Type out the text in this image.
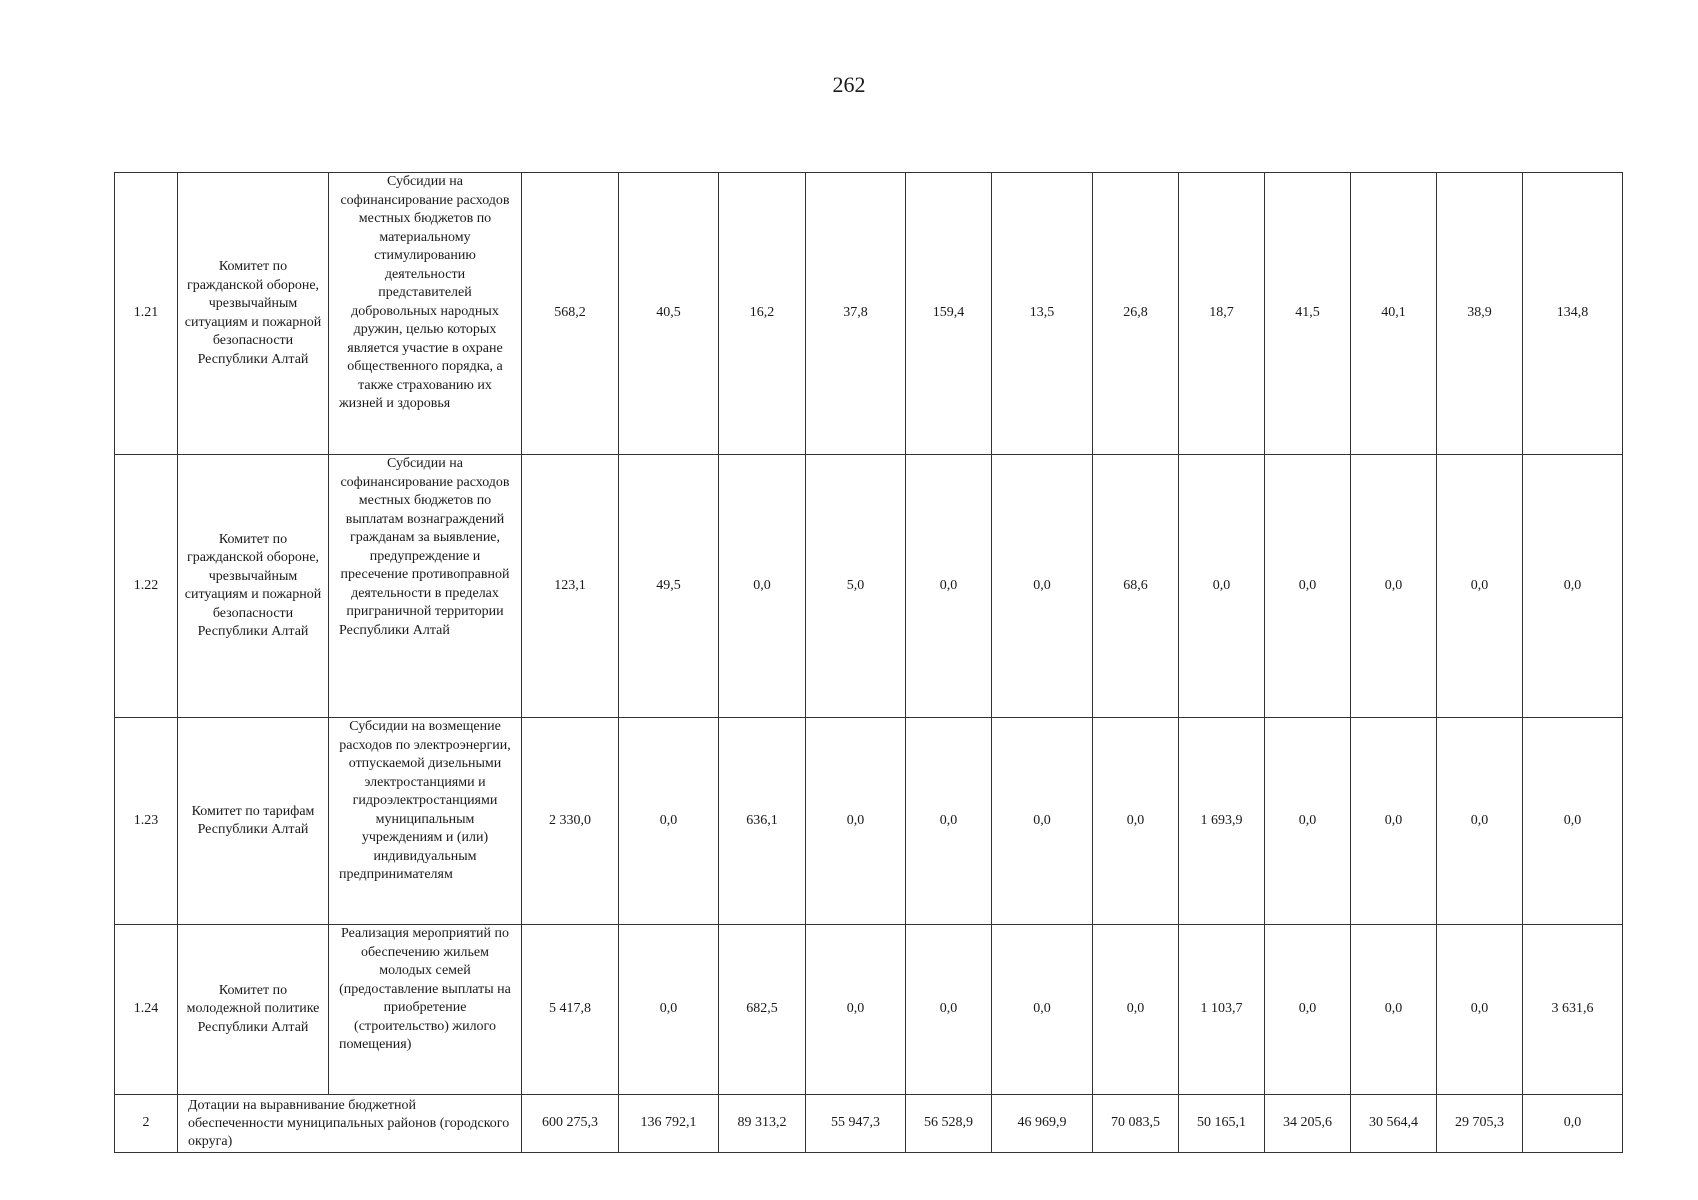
262
1.21	Комитет по гражданской обороне, чрезвычайным ситуациям и пожарной безопасности Республики Алтай	Субсидии на софинансирование расходов местных бюджетов по материальному стимулированию деятельности представителей добровольных народных дружин, целью которых является участие в охране общественного порядка, а также страхованию их жизней и здоровья	568,2	40,5	16,2	37,8	159,4	13,5	26,8	18,7	41,5	40,1	38,9	134,8
1.22	Комитет по гражданской обороне, чрезвычайным ситуациям и пожарной безопасности Республики Алтай	Субсидии на софинансирование расходов местных бюджетов по выплатам вознаграждений гражданам за выявление, предупреждение и пресечение противоправной деятельности в пределах приграничной территории Республики Алтай	123,1	49,5	0,0	5,0	0,0	0,0	68,6	0,0	0,0	0,0	0,0	0,0
1.23	Комитет по тарифам Республики Алтай	Субсидии на возмещение расходов по электроэнергии, отпускаемой дизельными электростанциями и гидроэлектростанциями муниципальным учреждениям и (или) индивидуальным предпринимателям	2 330,0	0,0	636,1	0,0	0,0	0,0	0,0	1 693,9	0,0	0,0	0,0	0,0
1.24	Комитет по молодежной политике Республики Алтай	Реализация мероприятий по обеспечению жильем молодых семей (предоставление выплаты на приобретение (строительство) жилого помещения)	5 417,8	0,0	682,5	0,0	0,0	0,0	0,0	1 103,7	0,0	0,0	0,0	3 631,6
2	Дотации на выравнивание бюджетной обеспеченности муниципальных районов (городского округа)		600 275,3	136 792,1	89 313,2	55 947,3	56 528,9	46 969,9	70 083,5	50 165,1	34 205,6	30 564,4	29 705,3	0,0
